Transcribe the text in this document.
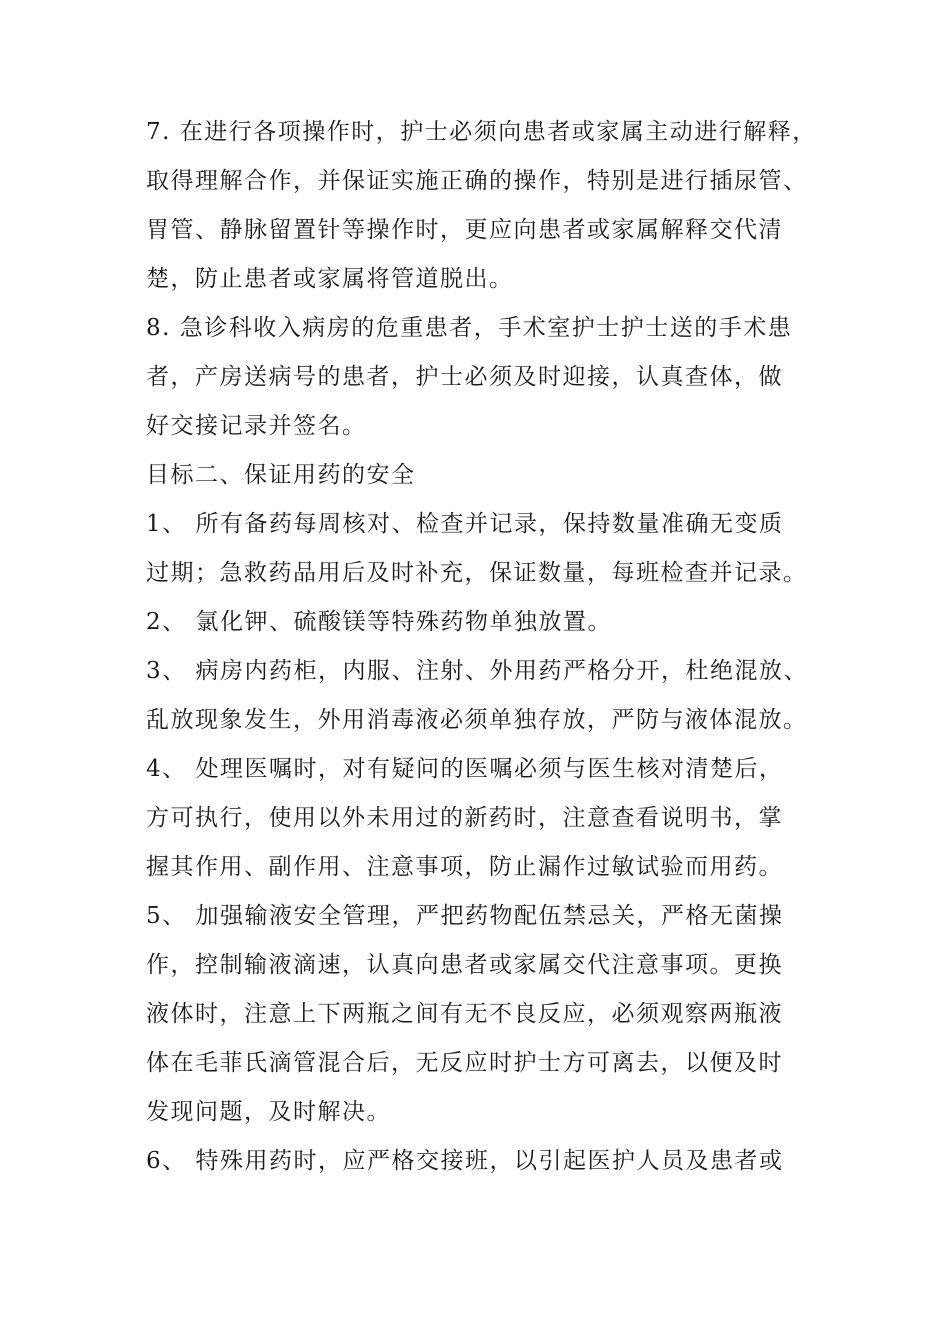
7. 在进行各项操作时，护士必须向患者或家属主动进行解释，
取得理解合作，并保证实施正确的操作，特别是进行插尿管、
胃管、静脉留置针等操作时，更应向患者或家属解释交代清
楚，防止患者或家属将管道脱出。
8. 急诊科收入病房的危重患者，手术室护士护士送的手术患
者，产房送病号的患者，护士必须及时迎接，认真查体，做
好交接记录并签名。
目标二、保证用药的安全
1、 所有备药每周核对、检查并记录，保持数量准确无变质
过期；急救药品用后及时补充，保证数量，每班检查并记录。
2、 氯化钾、硫酸镁等特殊药物单独放置。
3、 病房内药柜，内服、注射、外用药严格分开，杜绝混放、
乱放现象发生，外用消毒液必须单独存放，严防与液体混放。
4、 处理医嘱时，对有疑问的医嘱必须与医生核对清楚后，
方可执行，使用以外未用过的新药时，注意查看说明书，掌
握其作用、副作用、注意事项，防止漏作过敏试验而用药。
5、 加强输液安全管理，严把药物配伍禁忌关，严格无菌操
作，控制输液滴速，认真向患者或家属交代注意事项。更换
液体时，注意上下两瓶之间有无不良反应，必须观察两瓶液
体在毛菲氏滴管混合后，无反应时护士方可离去，以便及时
发现问题，及时解决。
6、 特殊用药时，应严格交接班，以引起医护人员及患者或
